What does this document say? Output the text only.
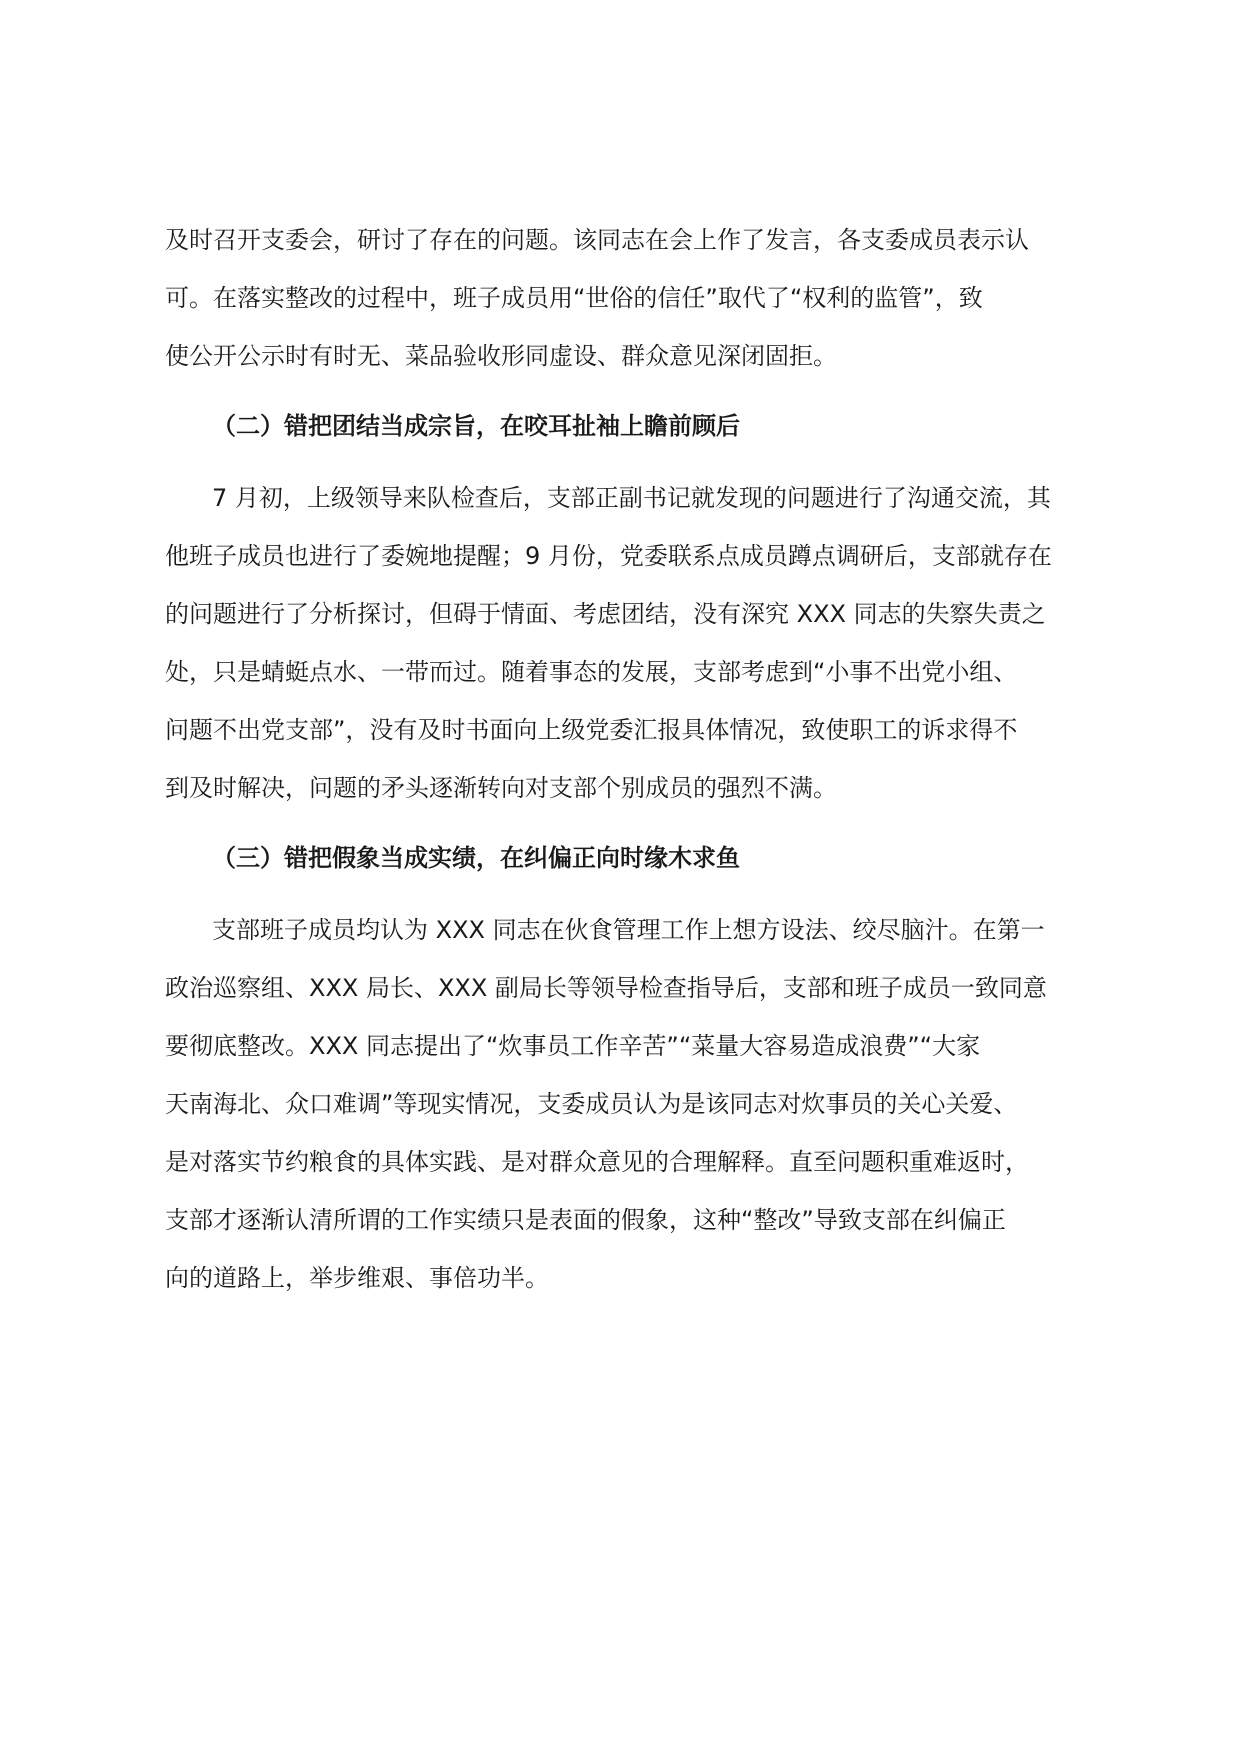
及时召开支委会，研讨了存在的问题。该同志在会上作了发言，各支委成员表示认
可。在落实整改的过程中，班子成员用“世俗的信任”取代了“权利的监管”，致
使公开公示时有时无、菜品验收形同虚设、群众意见深闭固拒。
（二）错把团结当成宗旨，在咬耳扯袖上瞻前顾后
7 月初，上级领导来队检查后，支部正副书记就发现的问题进行了沟通交流，其
他班子成员也进行了委婉地提醒；9 月份，党委联系点成员蹲点调研后，支部就存在
的问题进行了分析探讨，但碍于情面、考虑团结，没有深究 XXX 同志的失察失责之
处，只是蜻蜓点水、一带而过。随着事态的发展，支部考虑到“小事不出党小组、
问题不出党支部”，没有及时书面向上级党委汇报具体情况，致使职工的诉求得不
到及时解决，问题的矛头逐渐转向对支部个别成员的强烈不满。
（三）错把假象当成实绩，在纠偏正向时缘木求鱼
支部班子成员均认为 XXX 同志在伙食管理工作上想方设法、绞尽脑汁。在第一
政治巡察组、XXX 局长、XXX 副局长等领导检查指导后，支部和班子成员一致同意
要彻底整改。XXX 同志提出了“炊事员工作辛苦”“菜量大容易造成浪费”“大家
天南海北、众口难调”等现实情况，支委成员认为是该同志对炊事员的关心关爱、
是对落实节约粮食的具体实践、是对群众意见的合理解释。直至问题积重难返时，
支部才逐渐认清所谓的工作实绩只是表面的假象，这种“整改”导致支部在纠偏正
向的道路上，举步维艰、事倍功半。
